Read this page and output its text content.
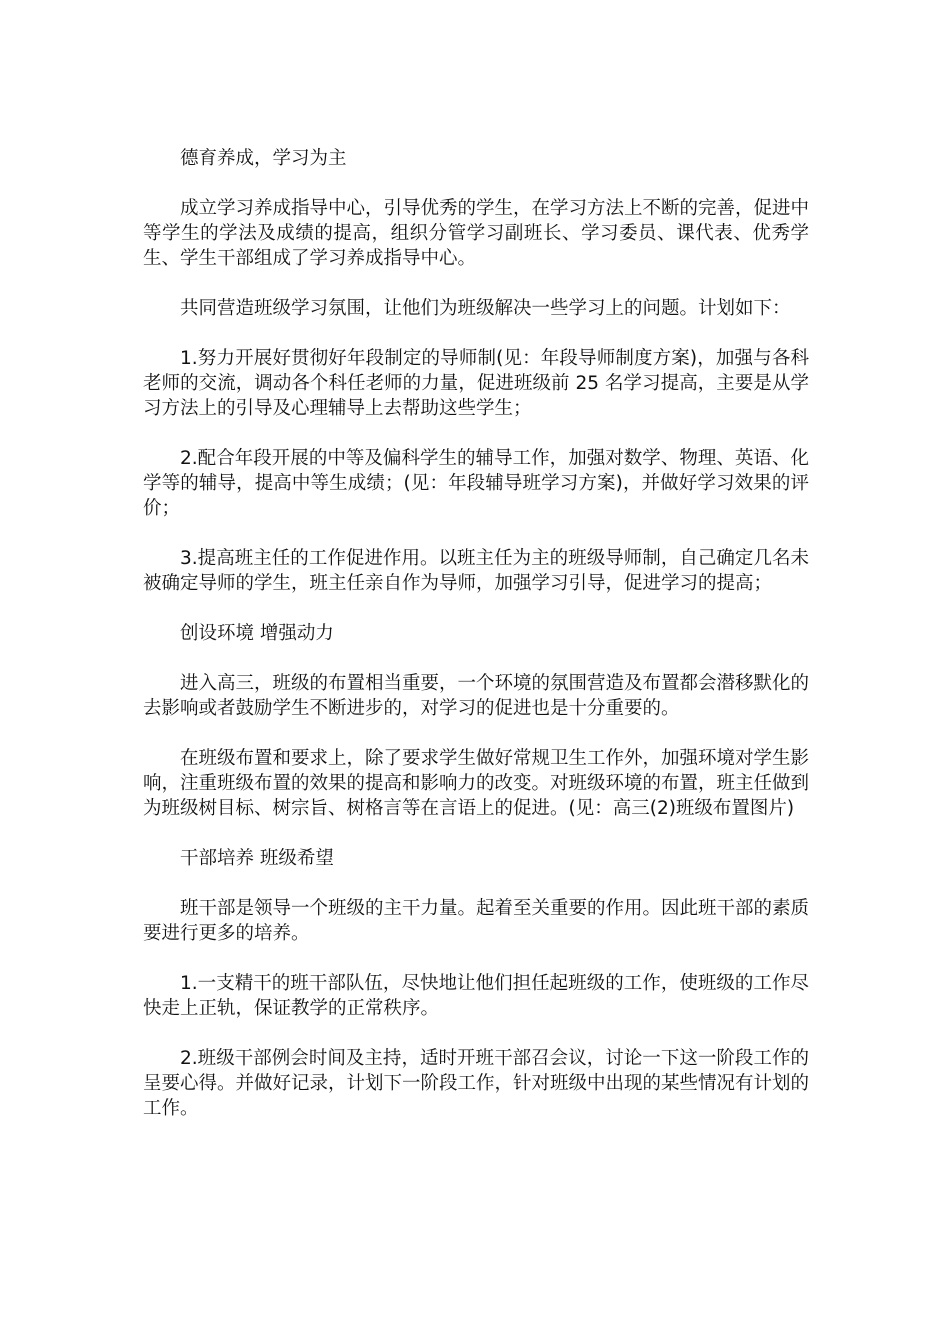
德育养成，学习为主

成立学习养成指导中心，引导优秀的学生，在学习方法上不断的完善，促进中等学生的学法及成绩的提高，组织分管学习副班长、学习委员、课代表、优秀学生、学生干部组成了学习养成指导中心。

共同营造班级学习氛围，让他们为班级解决一些学习上的问题。计划如下：

1.努力开展好贯彻好年段制定的导师制(见：年段导师制度方案)，加强与各科老师的交流，调动各个科任老师的力量，促进班级前 25 名学习提高，主要是从学习方法上的引导及心理辅导上去帮助这些学生；

2.配合年段开展的中等及偏科学生的辅导工作，加强对数学、物理、英语、化学等的辅导，提高中等生成绩；(见：年段辅导班学习方案)，并做好学习效果的评价；

3.提高班主任的工作促进作用。以班主任为主的班级导师制，自己确定几名未被确定导师的学生，班主任亲自作为导师，加强学习引导，促进学习的提高；

创设环境 增强动力

进入高三，班级的布置相当重要，一个环境的氛围营造及布置都会潜移默化的去影响或者鼓励学生不断进步的，对学习的促进也是十分重要的。

在班级布置和要求上，除了要求学生做好常规卫生工作外，加强环境对学生影响，注重班级布置的效果的提高和影响力的改变。对班级环境的布置，班主任做到为班级树目标、树宗旨、树格言等在言语上的促进。(见：高三(2)班级布置图片)

干部培养 班级希望

班干部是领导一个班级的主干力量。起着至关重要的作用。因此班干部的素质要进行更多的培养。

1.一支精干的班干部队伍，尽快地让他们担任起班级的工作，使班级的工作尽快走上正轨，保证教学的正常秩序。

2.班级干部例会时间及主持，适时开班干部召会议，讨论一下这一阶段工作的呈要心得。并做好记录，计划下一阶段工作，针对班级中出现的某些情况有计划的工作。
